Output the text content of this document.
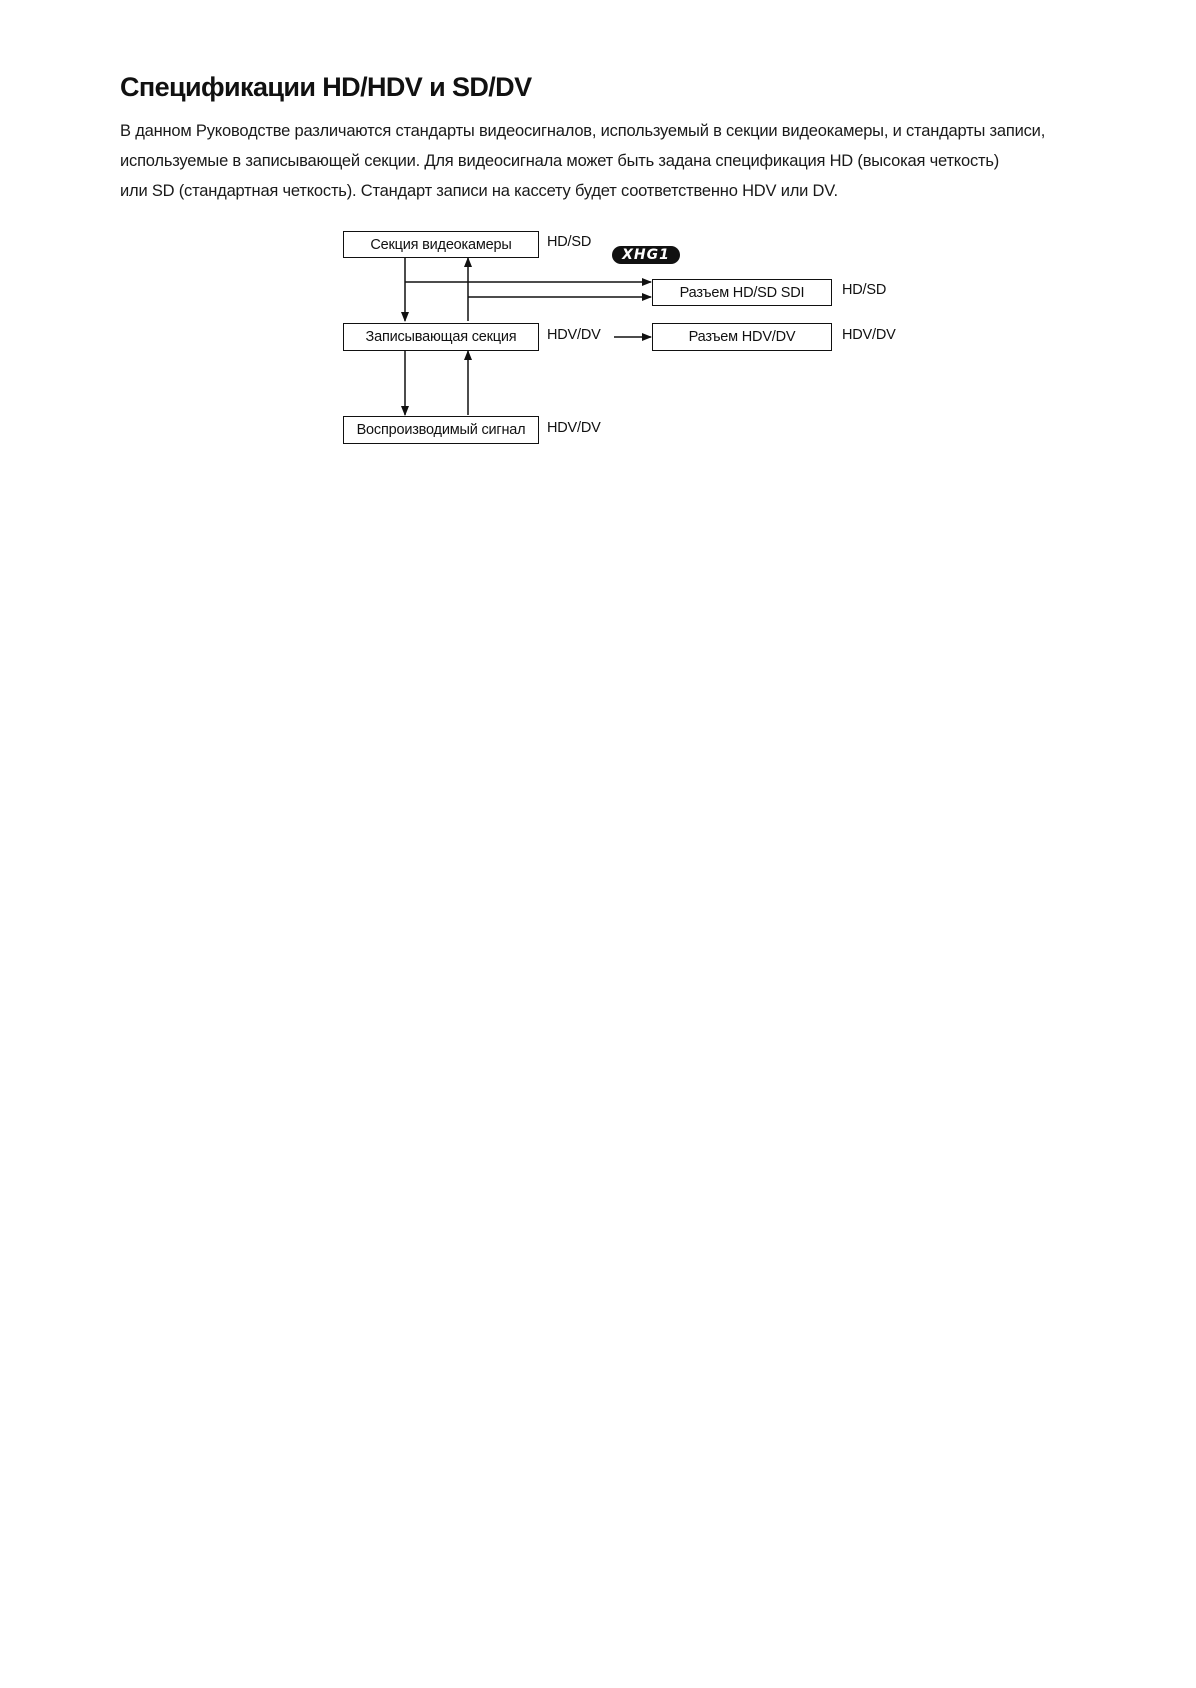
Спецификации HD/HDV и SD/DV

В данном Руководстве различаются стандарты видеосигналов, используемый в секции видеокамеры, и стандарты записи,
используемые в записывающей секции. Для видеосигнала может быть задана спецификация HD (высокая четкость)
или SD (стандартная четкость). Стандарт записи на кассету будет соответственно HDV или DV.

Секция видеокамеры HD/SD
XHG1
Разъем HD/SD SDI	HD/SD
Записывающая секция HDV/DV	Разъем HDV/DV	HDV/DV
Воспроизводимый сигнал HDV/DV
